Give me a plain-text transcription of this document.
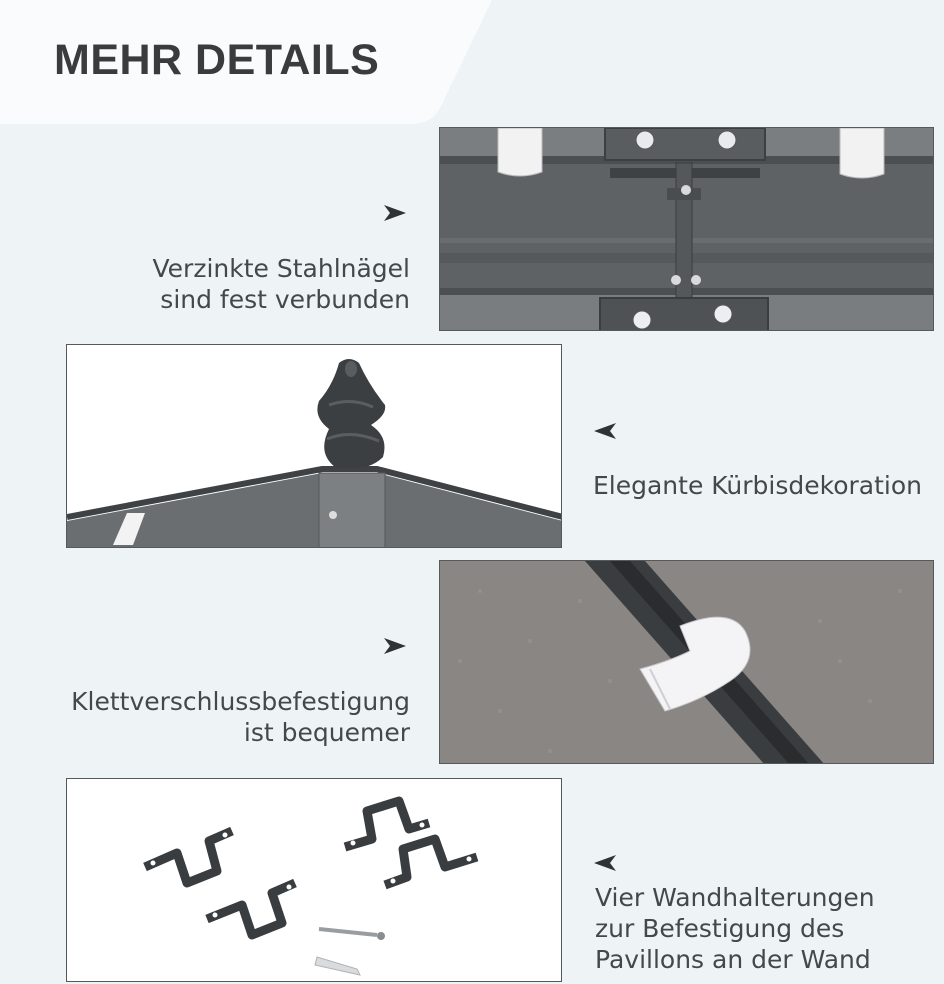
MEHR DETAILS
Verzinkte Stahlnägel
sind fest verbunden
Elegante Kürbisdekoration
Klettverschlussbefestigung
ist bequemer
Vier Wandhalterungen
zur Befestigung des
Pavillons an der Wand
